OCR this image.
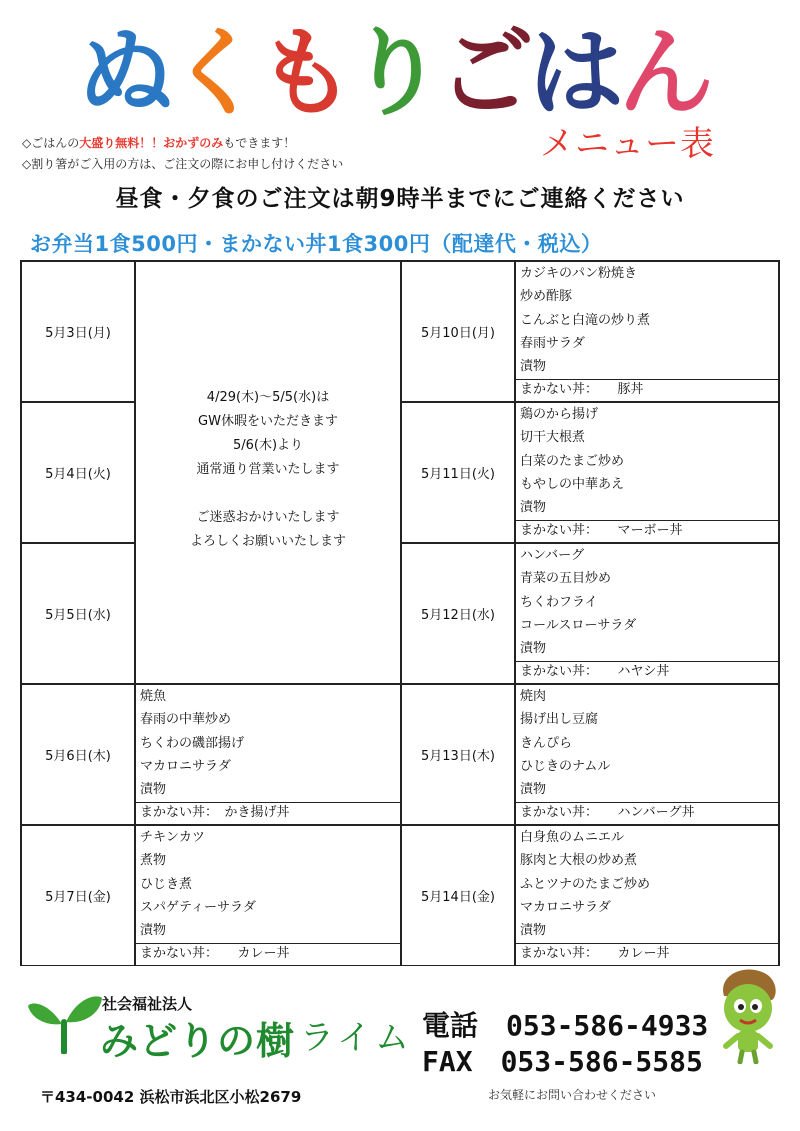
ぬ
く
も
り
ご
は
ん
メニュー表
◇ごはんの大盛り無料！！おかずのみもできます！
◇割り箸がご入用の方は、ご注文の際にお申し付けください
昼食・夕食のご注文は朝9時半までにご連絡ください
お弁当1食500円・まかない丼1食300円（配達代・税込）
5月3日(月)
5月4日(火)
5月5日(水)
5月6日(木)
焼魚
春雨の中華炒め
ちくわの磯部揚げ
マカロニサラダ
漬物
まかない丼：　かき揚げ丼
5月7日(金)
チキンカツ
煮物
ひじき煮
スパゲティーサラダ
漬物
まかない丼：　　カレー丼
4/29(木)～5/5(水)は
GW休暇をいただきます
5/6(木)より
通常通り営業いたします
ご迷惑おかけいたします
よろしくお願いいたします
5月10日(月)
カジキのパン粉焼き
炒め酢豚
こんぶと白滝の炒り煮
春雨サラダ
漬物
まかない丼：　　豚丼
5月11日(火)
鶏のから揚げ
切干大根煮
白菜のたまご炒め
もやしの中華あえ
漬物
まかない丼：　　マーボー丼
5月12日(水)
ハンバーグ
青菜の五目炒め
ちくわフライ
コールスローサラダ
漬物
まかない丼：　　ハヤシ丼
5月13日(木)
焼肉
揚げ出し豆腐
きんぴら
ひじきのナムル
漬物
まかない丼：　　ハンバーグ丼
5月14日(金)
白身魚のムニエル
豚肉と大根の炒め煮
ふとツナのたまご炒め
マカロニサラダ
漬物
まかない丼：　　カレー丼
社会福祉法人
みどりの樹 ライム 電話　053-586-4933
FAX　053-586-5585
〒434-0042 浜松市浜北区小松2679	お気軽にお問い合わせください
